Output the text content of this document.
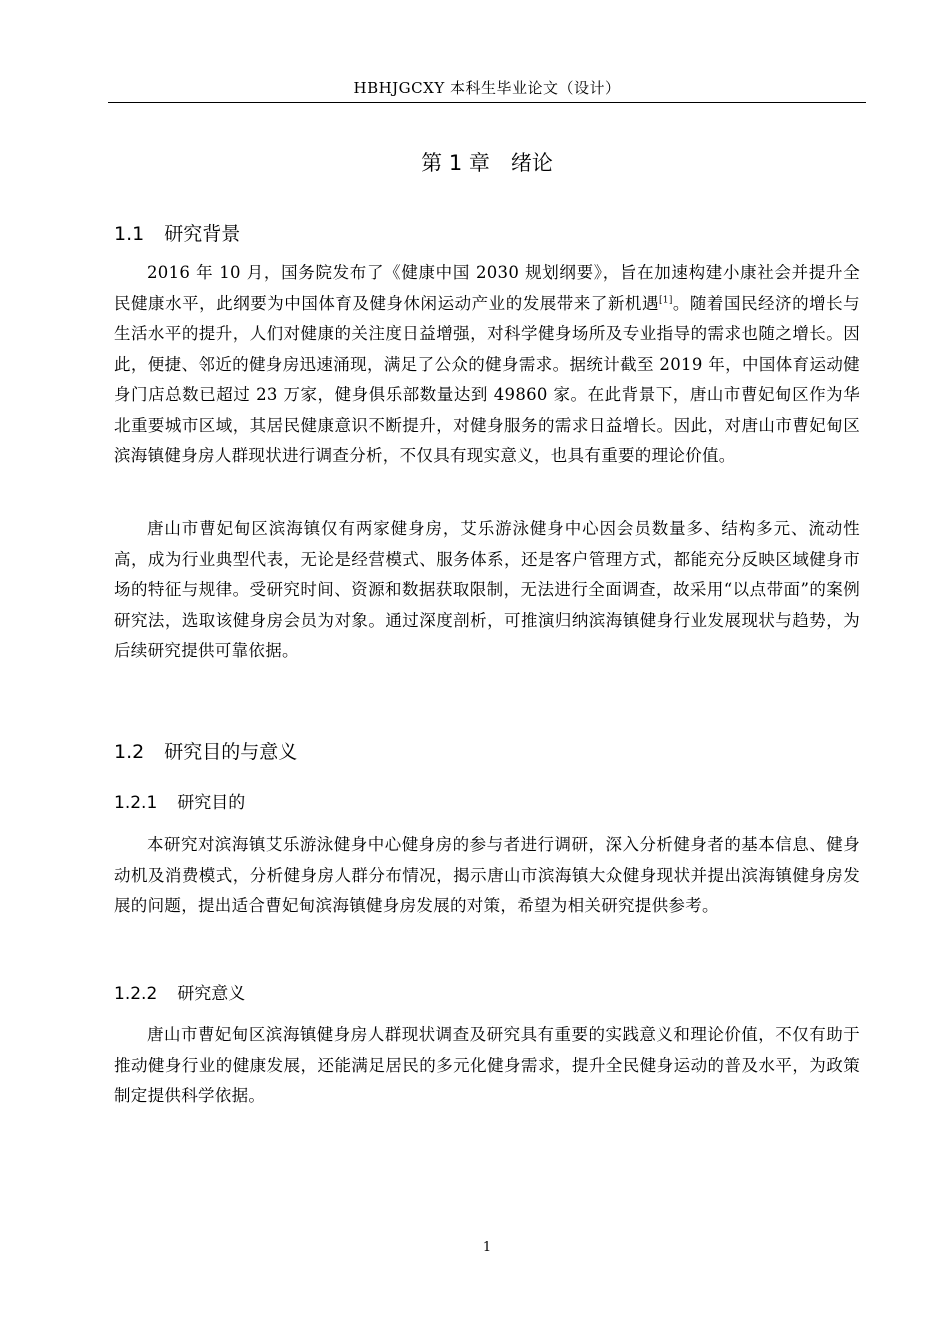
HBHJGCXY 本科生毕业论文（设计）
第 1 章　绪论
1.1 研究背景

2016 年 10 月，国务院发布了《健康中国 2030 规划纲要》，旨在加速构建小康社会并提升全民健康水平，此纲要为中国体育及健身休闲运动产业的发展带来了新机遇[1]。随着国民经济的增长与生活水平的提升，人们对健康的关注度日益增强，对科学健身场所及专业指导的需求也随之增长。因此，便捷、邻近的健身房迅速涌现，满足了公众的健身需求。据统计截至 2019 年，中国体育运动健身门店总数已超过 23 万家，健身俱乐部数量达到 49860 家。在此背景下，唐山市曹妃甸区作为华北重要城市区域，其居民健康意识不断提升，对健身服务的需求日益增长。因此，对唐山市曹妃甸区滨海镇健身房人群现状进行调查分析，不仅具有现实意义，也具有重要的理论价值。

唐山市曹妃甸区滨海镇仅有两家健身房，艾乐游泳健身中心因会员数量多、结构多元、流动性高，成为行业典型代表，无论是经营模式、服务体系，还是客户管理方式，都能充分反映区域健身市场的特征与规律。受研究时间、资源和数据获取限制，无法进行全面调查，故采用“以点带面”的案例研究法，选取该健身房会员为对象。通过深度剖析，可推演归纳滨海镇健身行业发展现状与趋势，为后续研究提供可靠依据。

1.2 研究目的与意义
1.2.1 研究目的

本研究对滨海镇艾乐游泳健身中心健身房的参与者进行调研，深入分析健身者的基本信息、健身动机及消费模式，分析健身房人群分布情况，揭示唐山市滨海镇大众健身现状并提出滨海镇健身房发展的问题，提出适合曹妃甸滨海镇健身房发展的对策，希望为相关研究提供参考。

1.2.2 研究意义

唐山市曹妃甸区滨海镇健身房人群现状调查及研究具有重要的实践意义和理论价值，不仅有助于推动健身行业的健康发展，还能满足居民的多元化健身需求，提升全民健身运动的普及水平，为政策制定提供科学依据。

1
